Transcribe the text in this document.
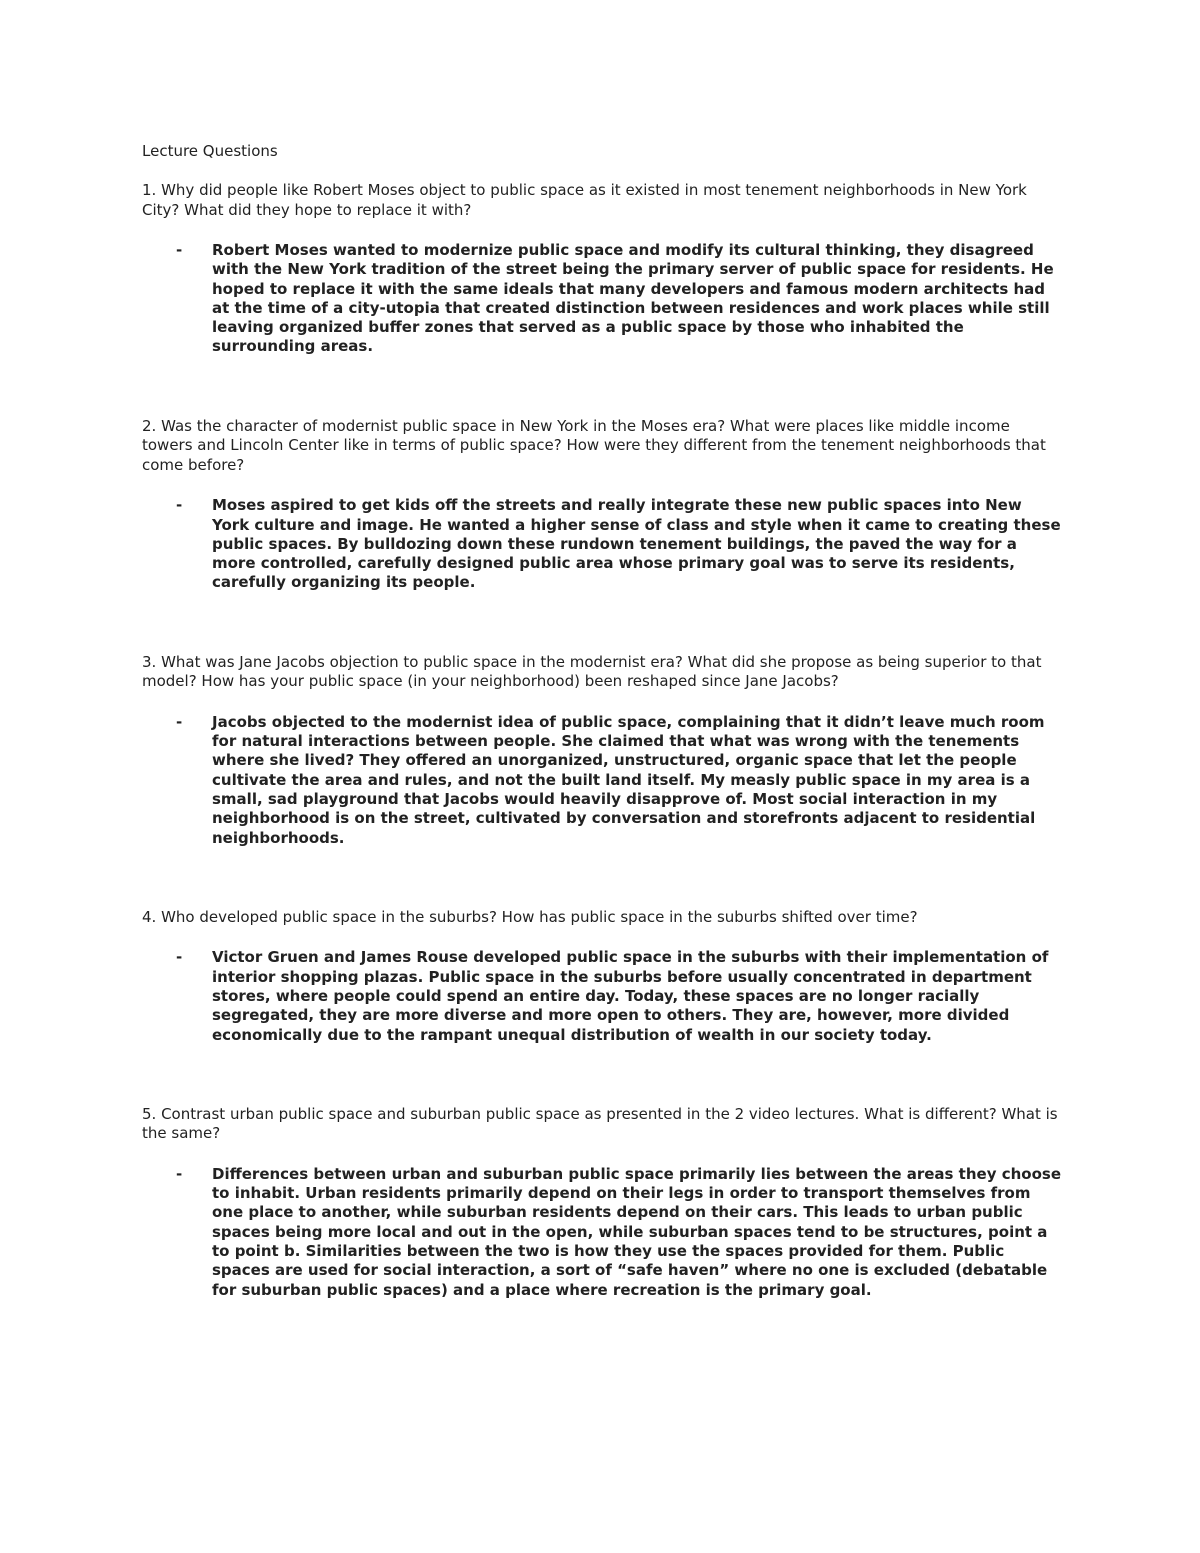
Lecture Questions

1. Why did people like Robert Moses object to public space as it existed in most tenement neighborhoods in New York City? What did they hope to replace it with?

- Robert Moses wanted to modernize public space and modify its cultural thinking, they disagreed with the New York tradition of the street being the primary server of public space for residents. He hoped to replace it with the same ideals that many developers and famous modern architects had at the time of a city-utopia that created distinction between residences and work places while still leaving organized buffer zones that served as a public space by those who inhabited the surrounding areas.

2. Was the character of modernist public space in New York in the Moses era? What were places like middle income towers and Lincoln Center like in terms of public space? How were they different from the tenement neighborhoods that come before?

- Moses aspired to get kids off the streets and really integrate these new public spaces into New York culture and image. He wanted a higher sense of class and style when it came to creating these public spaces. By bulldozing down these rundown tenement buildings, the paved the way for a more controlled, carefully designed public area whose primary goal was to serve its residents, carefully organizing its people.

3. What was Jane Jacobs objection to public space in the modernist era? What did she propose as being superior to that model? How has your public space (in your neighborhood) been reshaped since Jane Jacobs?

- Jacobs objected to the modernist idea of public space, complaining that it didn’t leave much room for natural interactions between people. She claimed that what was wrong with the tenements where she lived? They offered an unorganized, unstructured, organic space that let the people cultivate the area and rules, and not the built land itself. My measly public space in my area is a small, sad playground that Jacobs would heavily disapprove of. Most social interaction in my neighborhood is on the street, cultivated by conversation and storefronts adjacent to residential neighborhoods.

4. Who developed public space in the suburbs? How has public space in the suburbs shifted over time?

- Victor Gruen and James Rouse developed public space in the suburbs with their implementation of interior shopping plazas. Public space in the suburbs before usually concentrated in department stores, where people could spend an entire day. Today, these spaces are no longer racially segregated, they are more diverse and more open to others. They are, however, more divided economically due to the rampant unequal distribution of wealth in our society today.

5. Contrast urban public space and suburban public space as presented in the 2 video lectures. What is different? What is the same?

- Differences between urban and suburban public space primarily lies between the areas they choose to inhabit. Urban residents primarily depend on their legs in order to transport themselves from one place to another, while suburban residents depend on their cars. This leads to urban public spaces being more local and out in the open, while suburban spaces tend to be structures, point a to point b. Similarities between the two is how they use the spaces provided for them. Public spaces are used for social interaction, a sort of “safe haven” where no one is excluded (debatable for suburban public spaces) and a place where recreation is the primary goal.
